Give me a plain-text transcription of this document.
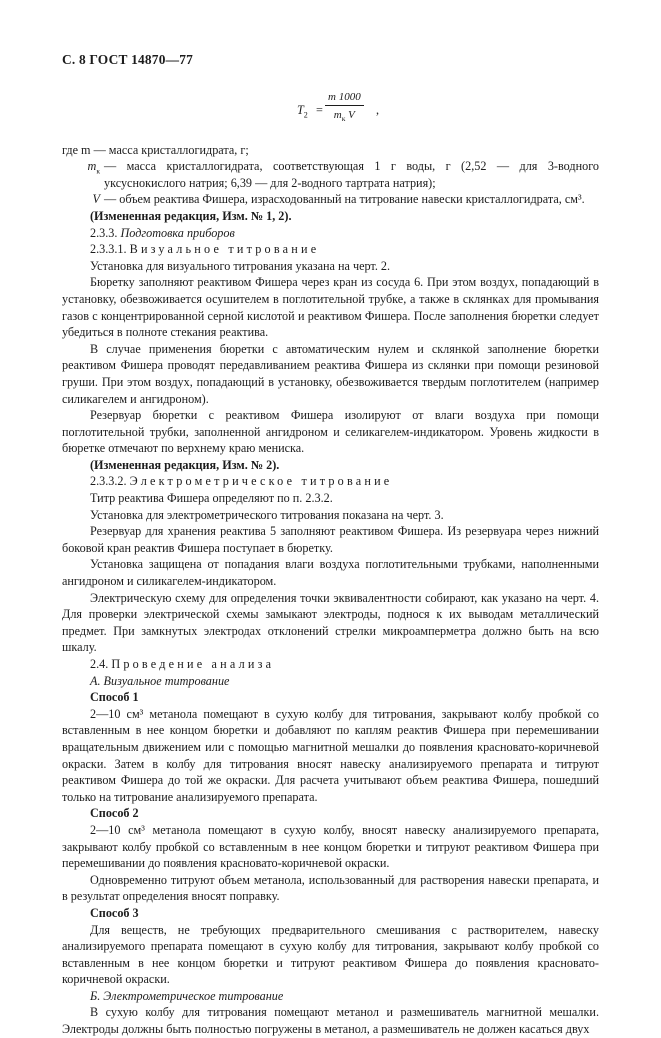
С. 8 ГОСТ 14870—77
$T_2$ =
m 1000
$m_к$ V	,

где m — масса кристаллогидрата, г;

$m_к$ — масса кристаллогидрата, соответствующая 1 г воды, г (2,52 — для 3-водного уксуснокислого натрия; 6,39 — для 2-водного тартрата натрия);
V — объем реактива Фишера, израсходованный на титрование навески кристаллогидрата, см³.

(Измененная редакция, Изм. № 1, 2).

2.3.3. Подготовка приборов

2.3.3.1. Визуальное титрование

Установка для визуального титрования указана на черт. 2.

Бюретку заполняют реактивом Фишера через кран из сосуда 6. При этом воздух, попадающий в установку, обезвоживается осушителем в поглотительной трубке, а также в склянках для промывания газов с концентрированной серной кислотой и реактивом Фишера. После заполнения бюретки следует убедиться в полноте стекания реактива.

В случае применения бюретки с автоматическим нулем и склянкой заполнение бюретки реактивом Фишера проводят передавливанием реактива Фишера из склянки при помощи резиновой груши. При этом воздух, попадающий в установку, обезвоживается твердым поглотителем (например силикагелем и ангидроном).

Резервуар бюретки с реактивом Фишера изолируют от влаги воздуха при помощи поглотительной трубки, заполненной ангидроном и селикагелем-индикатором. Уровень жидкости в бюретке отмечают по верхнему краю мениска.

(Измененная редакция, Изм. № 2).

2.3.3.2. Электрометрическое титрование

Титр реактива Фишера определяют по п. 2.3.2.

Установка для электрометрического титрования показана на черт. 3.

Резервуар для хранения реактива 5 заполняют реактивом Фишера. Из резервуара через нижний боковой кран реактив Фишера поступает в бюретку.

Установка защищена от попадания влаги воздуха поглотительными трубками, наполненными ангидроном и силикагелем-индикатором.

Электрическую схему для определения точки эквивалентности собирают, как указано на черт. 4. Для проверки электрической схемы замыкают электроды, подноcя к их выводам металлический предмет. При замкнутых электродах отклонений стрелки микроамперметра должно быть на всю шкалу.

2.4. Проведение анализа

А. Визуальное титрование

Способ 1

2—10 см³ метанола помещают в сухую колбу для титрования, закрывают колбу пробкой со вставленным в нее концом бюретки и добавляют по каплям реактив Фишера при перемешивании вращательным движением или с помощью магнитной мешалки до появления красновато-коричневой окраски. Затем в колбу для титрования вносят навеску анализируемого препарата и титруют реактивом Фишера до той же окраски. Для расчета учитывают объем реактива Фишера, пошедший только на титрование анализируемого препарата.

Способ 2

2—10 см³ метанола помещают в сухую колбу, вносят навеску анализируемого препарата, закрывают колбу пробкой со вставленным в нее концом бюретки и титруют реактивом Фишера при перемешивании до появления красновато-коричневой окраски.

Одновременно титруют объем метанола, использованный для растворения навески препарата, и в результат определения вносят поправку.

Способ 3

Для веществ, не требующих предварительного смешивания с растворителем, навеску анализируемого препарата помещают в сухую колбу для титрования, закрывают колбу пробкой со вставленным в нее концом бюретки и титруют реактивом Фишера до появления красновато-коричневой окраски.

Б. Электрометрическое титрование

В сухую колбу для титрования помещают метанол и размешиватель магнитной мешалки. Электроды должны быть полностью погружены в метанол, а размешиватель не должен касаться двух
